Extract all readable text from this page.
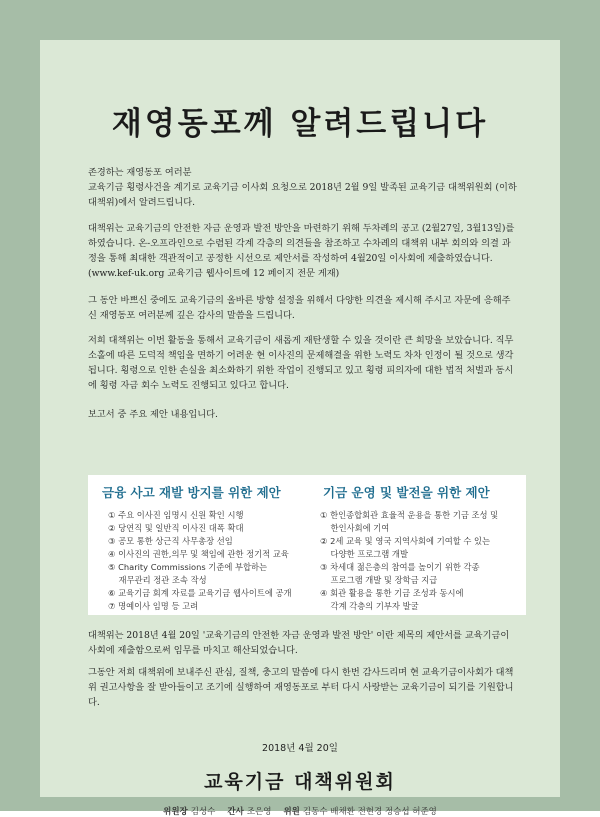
재영동포께 알려드립니다

존경하는 재영동포 여러분
교육기금 횡령사건을 계기로 교육기금 이사회 요청으로 2018년 2월 9일 발족된 교육기금 대책위원회 (이하 대책위)에서 알려드립니다.

대책위는 교육기금의 안전한 자금 운영과 발전 방안을 마련하기 위해 두차례의 공고 (2월27일, 3월13일)를 하였습니다. 온-오프라인으로 수렴된 각계 각층의 의견들을 참조하고 수차례의 대책위 내부 회의와 의결 과정을 통해 최대한 객관적이고 공정한 시선으로 제안서를 작성하여 4월20일 이사회에 제출하였습니다. (www.kef-uk.org 교육기금 웹사이트에 12 페이지 전문 게재)

그 동안 바쁘신 중에도 교육기금의 올바른 방향 설정을 위해서 다양한 의견을 제시해 주시고 자문에 응해주신 재영동포 여러분께 깊은 감사의 말씀을 드립니다.

저희 대책위는 이번 활동을 통해서 교육기금이 새롭게 재탄생할 수 있을 것이란 큰 희망을 보았습니다. 직무 소홀에 따른 도덕적 책임을 면하기 어려운 현 이사진의 문제해결을 위한 노력도 차차 인정이 될 것으로 생각됩니다. 횡령으로 인한 손실을 최소화하기 위한 작업이 진행되고 있고 횡령 피의자에 대한 법적 처벌과 동시에 횡령 자금 회수 노력도 진행되고 있다고 합니다.

보고서 중 주요 제안 내용입니다.

금융 사고 재발 방지를 위한 제안
① 주요 이사진 임명시 신원 확인 시행
② 당연직 및 일반직 이사진 대폭 확대
③ 공모 통한 상근직 사무총장 선임
④ 이사진의 권한,의무 및 책임에 관한 정기적 교육
⑤ Charity Commissions 기준에 부합하는
재무관리 정관 조속 작성
⑥ 교육기금 회계 자료를 교육기금 웹사이트에 공개
⑦ 명예이사 임명 등 고려
기금 운영 및 발전을 위한 제안
① 한인종합회관 효율적 운용을 통한 기금 조성 및
한인사회에 기여
② 2세 교육 및 영국 지역사회에 기여할 수 있는
다양한 프로그램 개발
③ 차세대 젊은층의 참여를 높이기 위한 각종
프로그램 개발 및 장학금 지급
④ 회관 활용을 통한 기금 조성과 동시에
각계 각층의 기부자 발굴

대책위는 2018년 4월 20일 '교육기금의 안전한 자금 운영과 발전 방안' 이란 제목의 제안서를 교육기금이사회에 제출함으로써 임무를 마치고 해산되었습니다.

그동안 저희 대책위에 보내주신 관심, 질책, 충고의 말씀에 다시 한번 감사드리며 현 교육기금이사회가 대책위 권고사항을 잘 받아들이고 조기에 실행하여 재영동포로 부터 다시 사랑받는 교육기금이 되기를 기원합니다.

2018년 4월 20일
교육기금 대책위원회
위원장 김성수 간사 조은영 위원 김동수 배채환 전현경 정승섭 허준영
